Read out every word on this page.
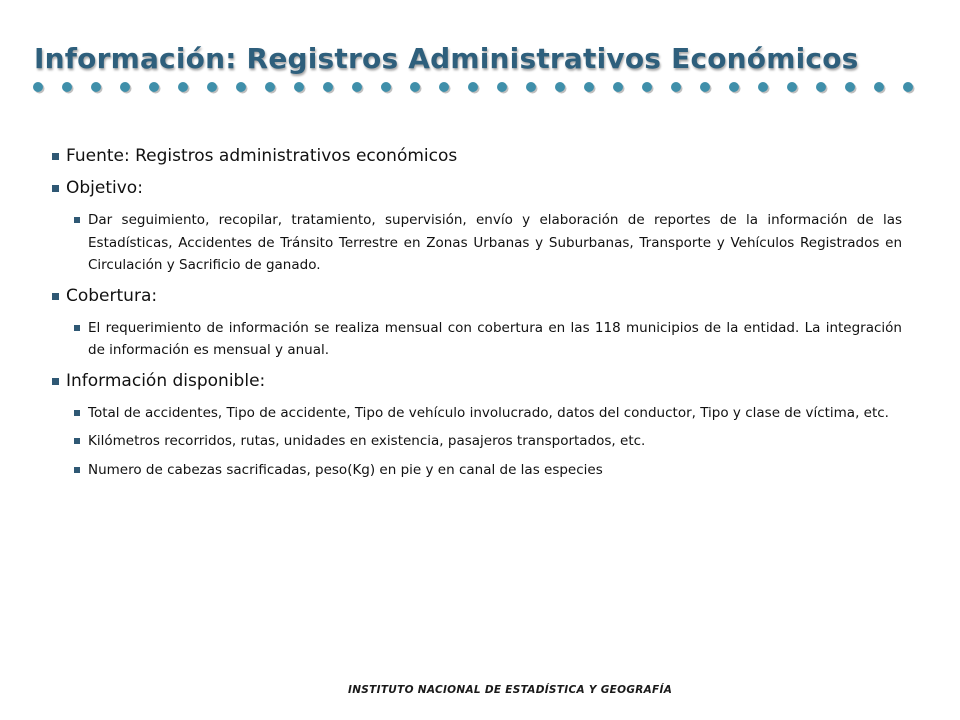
Información: Registros Administrativos Económicos
Fuente: Registros administrativos económicos
Objetivo:
Dar seguimiento, recopilar, tratamiento, supervisión, envío y elaboración de reportes de la información de las Estadísticas, Accidentes de Tránsito Terrestre en Zonas Urbanas y Suburbanas, Transporte y Vehículos Registrados en Circulación y Sacrificio de ganado.
Cobertura:
El requerimiento de información se realiza mensual con cobertura en las 118 municipios de la entidad. La integración de información es mensual y anual.
Información disponible:
Total de accidentes, Tipo de accidente, Tipo de vehículo involucrado, datos del conductor, Tipo y clase de víctima, etc.
Kilómetros recorridos, rutas, unidades en existencia, pasajeros transportados, etc.
Numero de cabezas sacrificadas, peso(Kg) en pie y en canal de las especies
INSTITUTO NACIONAL DE ESTADÍSTICA Y GEOGRAFÍA
